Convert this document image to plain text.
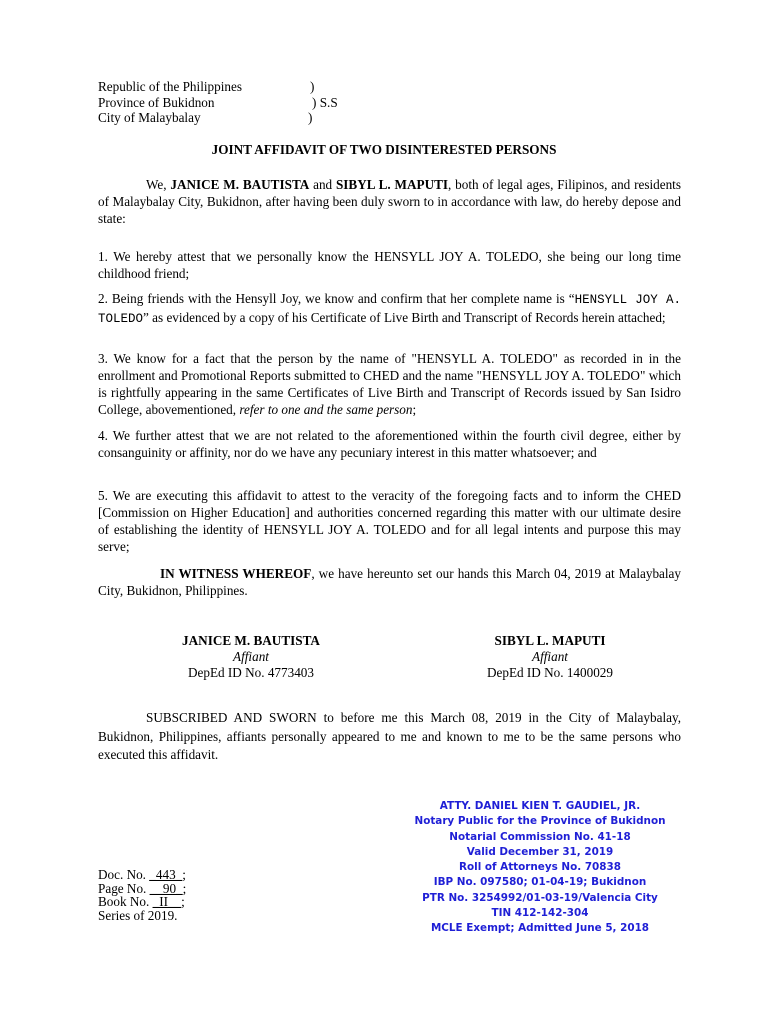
Republic of the Philippines	)
Province of Bukidnon	) S.S
City of Malaybalay	)
JOINT AFFIDAVIT OF TWO DISINTERESTED PERSONS
We, JANICE M. BAUTISTA and SIBYL L. MAPUTI, both of legal ages, Filipinos, and residents of Malaybalay City, Bukidnon, after having been duly sworn to in accordance with law, do hereby depose and state:
1. We hereby attest that we personally know the HENSYLL JOY A. TOLEDO, she being our long time childhood friend;
2. Being friends with the Hensyll Joy, we know and confirm that her complete name is “HENSYLL JOY A. TOLEDO” as evidenced by a copy of his Certificate of Live Birth and Transcript of Records herein attached;
3. We know for a fact that the person by the name of "HENSYLL A. TOLEDO" as recorded in in the enrollment and Promotional Reports submitted to CHED and the name "HENSYLL JOY A. TOLEDO" which is rightfully appearing in the same Certificates of Live Birth and Transcript of Records issued by San Isidro College, abovementioned, refer to one and the same person;
4. We further attest that we are not related to the aforementioned within the fourth civil degree, either by consanguinity or affinity, nor do we have any pecuniary interest in this matter whatsoever; and
5. We are executing this affidavit to attest to the veracity of the foregoing facts and to inform the CHED [Commission on Higher Education] and authorities concerned regarding this matter with our ultimate desire of establishing the identity of HENSYLL JOY A. TOLEDO and for all legal intents and purpose this may serve;
IN WITNESS WHEREOF, we have hereunto set our hands this March 04, 2019 at Malaybalay City, Bukidnon, Philippines.
JANICE M. BAUTISTA
Affiant
DepEd ID No. 4773403
SIBYL L. MAPUTI
Affiant
DepEd ID No. 1400029
SUBSCRIBED AND SWORN to before me this March 08, 2019 in the City of Malaybalay, Bukidnon, Philippines, affiants personally appeared to me and known to me to be the same persons who executed this affidavit.
ATTY. DANIEL KIEN T. GAUDIEL, JR.
Notary Public for the Province of Bukidnon
Notarial Commission No. 41-18
Valid December 31, 2019
Roll of Attorneys No. 70838
IBP No. 097580; 01-04-19; Bukidnon
PTR No. 3254992/01-03-19/Valencia City
TIN 412-142-304
MCLE Exempt; Admitted June 5, 2018
Doc. No. _443_;
Page No. __90_;
Book No. _II__;
Series of 2019.
